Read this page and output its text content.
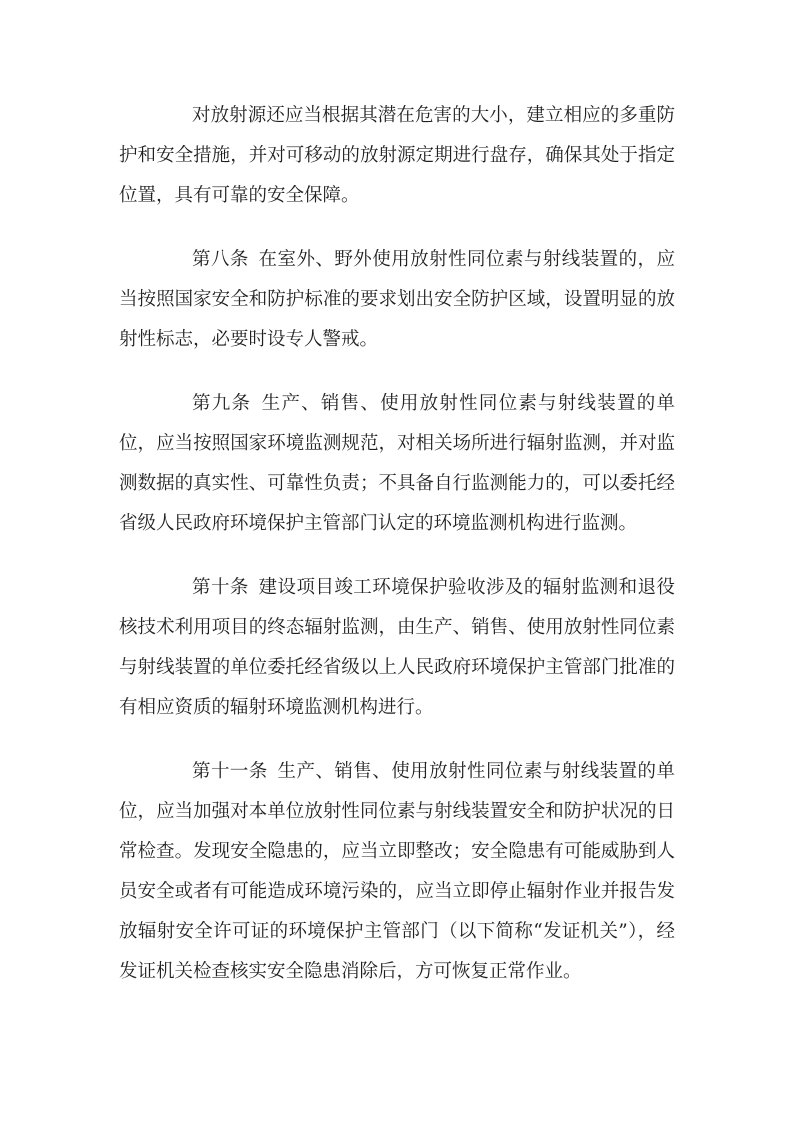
对放射源还应当根据其潜在危害的大小，建立相应的多重防护和安全措施，并对可移动的放射源定期进行盘存，确保其处于指定位置，具有可靠的安全保障。

第八条 在室外、野外使用放射性同位素与射线装置的，应当按照国家安全和防护标准的要求划出安全防护区域，设置明显的放射性标志，必要时设专人警戒。

第九条 生产、销售、使用放射性同位素与射线装置的单位，应当按照国家环境监测规范，对相关场所进行辐射监测，并对监测数据的真实性、可靠性负责；不具备自行监测能力的，可以委托经省级人民政府环境保护主管部门认定的环境监测机构进行监测。

第十条 建设项目竣工环境保护验收涉及的辐射监测和退役核技术利用项目的终态辐射监测，由生产、销售、使用放射性同位素与射线装置的单位委托经省级以上人民政府环境保护主管部门批准的有相应资质的辐射环境监测机构进行。

第十一条 生产、销售、使用放射性同位素与射线装置的单位，应当加强对本单位放射性同位素与射线装置安全和防护状况的日常检查。发现安全隐患的，应当立即整改；安全隐患有可能威胁到人员安全或者有可能造成环境污染的，应当立即停止辐射作业并报告发放辐射安全许可证的环境保护主管部门（以下简称“发证机关”），经发证机关检查核实安全隐患消除后，方可恢复正常作业。
